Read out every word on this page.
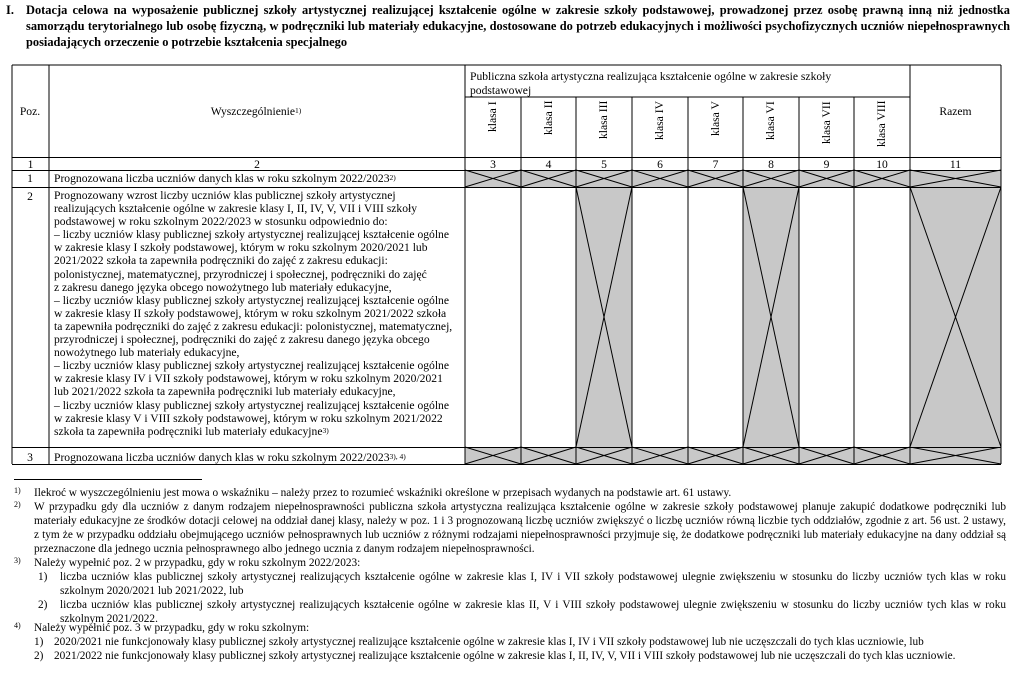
I. Dotacja celowa na wyposażenie publicznej szkoły artystycznej realizującej kształcenie ogólne w zakresie szkoły podstawowej, prowadzonej przez osobę prawną inną niż jednostka samorządu terytorialnego lub osobę fizyczną, w podręczniki lub materiały edukacyjne, dostosowane do potrzeb edukacyjnych i możliwości psychofizycznych uczniów niepełnosprawnych posiadających orzeczenie o potrzebie kształcenia specjalnego
Poz.	Wyszczególnienie$^{1)}$
Publiczna szkoła artystyczna realizująca kształcenie ogólne w zakresie szkoły podstawowej
Razem
klasa I	klasa II	klasa III	klasa IV	klasa V	klasa VI	klasa VII	klasa VIII
1	2	3	4	5	6	7	8	9	10	11
1	Prognozowana liczba uczniów danych klas w roku szkolnym 2022/2023$^{2)}$
2	Prognozowany wzrost liczby uczniów klas publicznej szkoły artystycznej
realizujących kształcenie ogólne w zakresie klasy I, II, IV, V, VII i VIII szkoły
podstawowej w roku szkolnym 2022/2023 w stosunku odpowiednio do:
– liczby uczniów klasy publicznej szkoły artystycznej realizującej kształcenie ogólne
w zakresie klasy I szkoły podstawowej, którym w roku szkolnym 2020/2021 lub
2021/2022 szkoła ta zapewniła podręczniki do zajęć z zakresu edukacji:
polonistycznej, matematycznej, przyrodniczej i społecznej, podręczniki do zajęć
z zakresu danego języka obcego nowożytnego lub materiały edukacyjne,
– liczby uczniów klasy publicznej szkoły artystycznej realizującej kształcenie ogólne
w zakresie klasy II szkoły podstawowej, którym w roku szkolnym 2021/2022 szkoła
ta zapewniła podręczniki do zajęć z zakresu edukacji: polonistycznej, matematycznej,
przyrodniczej i społecznej, podręczniki do zajęć z zakresu danego języka obcego
nowożytnego lub materiały edukacyjne,
– liczby uczniów klasy publicznej szkoły artystycznej realizującej kształcenie ogólne
w zakresie klasy IV i VII szkoły podstawowej, którym w roku szkolnym 2020/2021
lub 2021/2022 szkoła ta zapewniła podręczniki lub materiały edukacyjne,
– liczby uczniów klasy publicznej szkoły artystycznej realizującej kształcenie ogólne
w zakresie klasy V i VIII szkoły podstawowej, którym w roku szkolnym 2021/2022
szkoła ta zapewniła podręczniki lub materiały edukacyjne$^{3)}$
3	Prognozowana liczba uczniów danych klas w roku szkolnym $2022/2023^{3), 4)}$
1) Ilekroć w wyszczególnieniu jest mowa o wskaźniku – należy przez to rozumieć wskaźniki określone w przepisach wydanych na podstawie art. 61 ustawy.
2) W przypadku gdy dla uczniów z danym rodzajem niepełnosprawności publiczna szkoła artystyczna realizująca kształcenie ogólne w zakresie szkoły podstawowej planuje zakupić dodatkowe podręczniki lub materiały edukacyjne ze środków dotacji celowej na oddział danej klasy, należy w poz. 1 i 3 prognozowaną liczbę uczniów zwiększyć o liczbę uczniów równą liczbie tych oddziałów, zgodnie z art. 56 ust. 2 ustawy, z tym że w przypadku oddziału obejmującego uczniów pełnosprawnych lub uczniów z różnymi rodzajami niepełnosprawności przyjmuje się, że dodatkowe podręczniki lub materiały edukacyjne na dany oddział są przeznaczone dla jednego ucznia pełnosprawnego albo jednego ucznia z danym rodzajem niepełnosprawności.
3) Należy wypełnić poz. 2 w przypadku, gdy w roku szkolnym 2022/2023:
1) liczba uczniów klas publicznej szkoły artystycznej realizujących kształcenie ogólne w zakresie klas I, IV i VII szkoły podstawowej ulegnie zwiększeniu w stosunku do liczby uczniów tych klas w roku szkolnym 2020/2021 lub 2021/2022, lub
2) liczba uczniów klas publicznej szkoły artystycznej realizujących kształcenie ogólne w zakresie klas II, V i VIII szkoły podstawowej ulegnie zwiększeniu w stosunku do liczby uczniów tych klas w roku szkolnym 2021/2022.
4) Należy wypełnić poz. 3 w przypadku, gdy w roku szkolnym:
1) 2020/2021 nie funkcjonowały klasy publicznej szkoły artystycznej realizujące kształcenie ogólne w zakresie klas I, IV i VII szkoły podstawowej lub nie uczęszczali do tych klas uczniowie, lub
2) 2021/2022 nie funkcjonowały klasy publicznej szkoły artystycznej realizujące kształcenie ogólne w zakresie klas I, II, IV, V, VII i VIII szkoły podstawowej lub nie uczęszczali do tych klas uczniowie.
